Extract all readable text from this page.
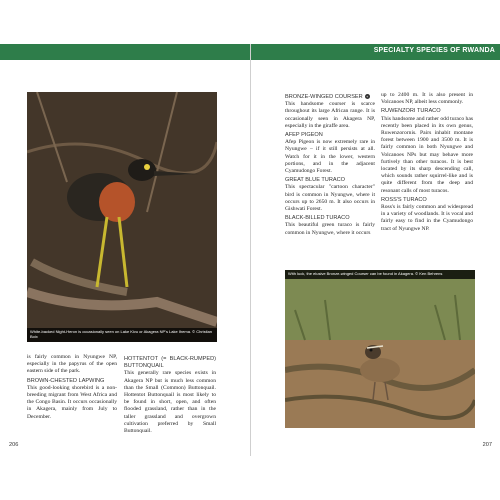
White-backed Night-Heron is occasionally seen on Lake Kivu or Akagera NP's Lake Ihema. © Christian Boix

is fairly common in Nyungwe NP, especially in the papyrus of the open eastern side of the park.

BROWN-CHESTED LAPWING

This good-looking shorebird is a non-breeding migrant from West Africa and the Congo Basin. It occurs occasionally in Akagera, mainly from July to December.

HOTTENTOT (= BLACK-RUMPED) BUTTONQUAIL

This generally rare species exists in Akagera NP but is much less common than the Small (Common) Buttonquail. Hottentot Buttonquail is most likely to be found in short, open, and often flooded grassland, rather than in the taller grassland and overgrown cultivation preferred by Small Buttonquail.

206
SPECIALTY SPECIES OF RWANDA
BRONZE-WINGED COURSER +

This handsome courser is scarce throughout its large African range. It is occasionally seen in Akagera NP, especially in the giraffe area.

AFEP PIGEON

Afep Pigeon is now extremely rare in Nyungwe – if it still persists at all. Watch for it in the lower, western portions, and in the adjacent Cyamudongo Forest.

GREAT BLUE TURACO

This spectacular "cartoon character" bird is common in Nyungwe, where it occurs up to 2650 m. It also occurs in Gishwati Forest.

BLACK-BILLED TURACO

This beautiful green turaco is fairly common in Nyungwe, where it occurs

up to 2400 m. It is also present in Volcanoes NP, albeit less commonly.

RUWENZORI TURACO

This handsome and rather odd turaco has recently been placed in its own genus, Ruwenzorornis. Pairs inhabit montane forest between 1900 and 3500 m. It is fairly common in both Nyungwe and Volcanoes NPs but may behave more furtively than other turacos. It is best located by its sharp descending call, which sounds rather squirrel-like and is quite different from the deep and resonant calls of most turacos.

ROSS'S TURACO

Ross's is fairly common and widespread in a variety of woodlands. It is vocal and fairly easy to find in the Cyamudongo tract of Nyungwe NP.

With luck, the elusive Bronze-winged Courser can be found in Akagera. © Ken Behrens
207
